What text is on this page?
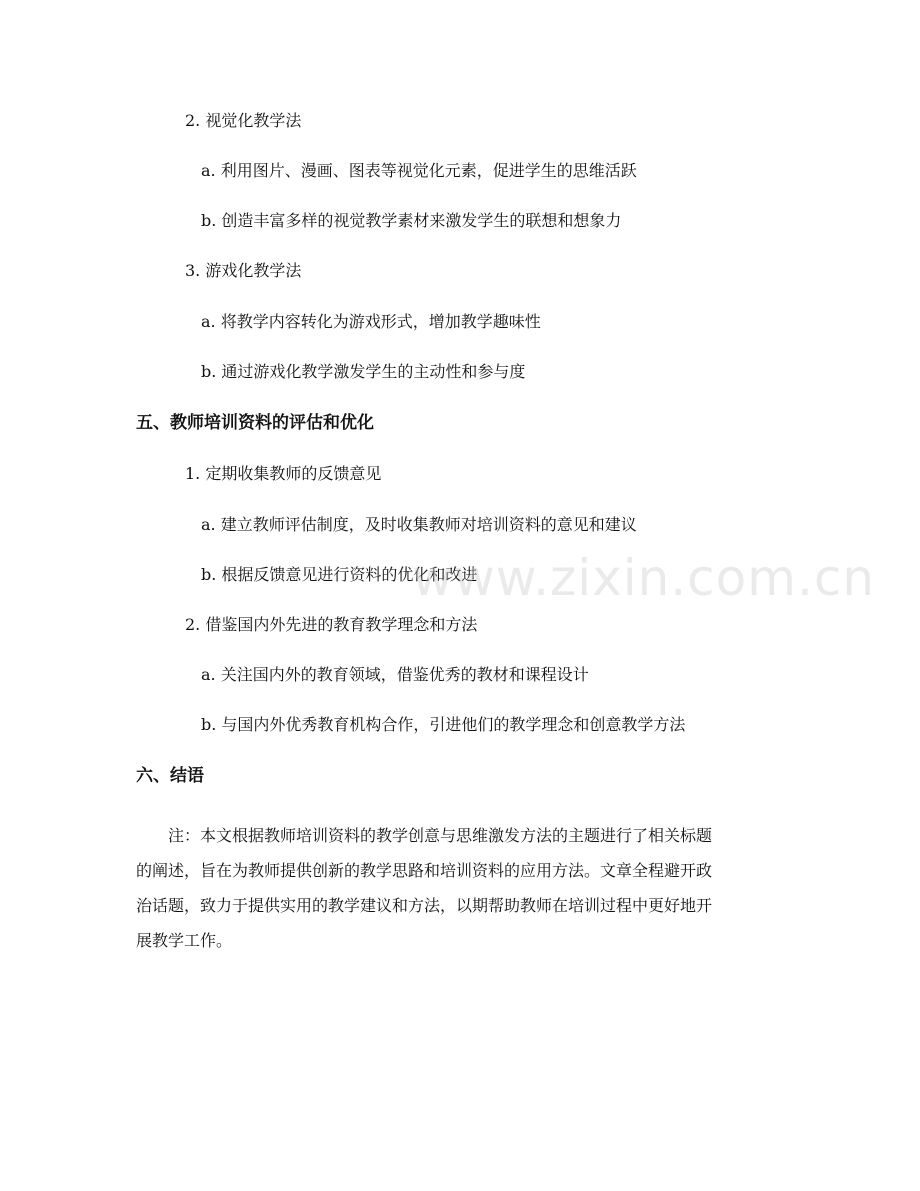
2. 视觉化教学法
a. 利用图片、漫画、图表等视觉化元素，促进学生的思维活跃
b. 创造丰富多样的视觉教学素材来激发学生的联想和想象力
3. 游戏化教学法
a. 将教学内容转化为游戏形式，增加教学趣味性
b. 通过游戏化教学激发学生的主动性和参与度
五、教师培训资料的评估和优化
1. 定期收集教师的反馈意见
a. 建立教师评估制度，及时收集教师对培训资料的意见和建议
b. 根据反馈意见进行资料的优化和改进
2. 借鉴国内外先进的教育教学理念和方法
a. 关注国内外的教育领域，借鉴优秀的教材和课程设计
b. 与国内外优秀教育机构合作，引进他们的教学理念和创意教学方法
六、结语

注：本文根据教师培训资料的教学创意与思维激发方法的主题进行了相关标题

的阐述，旨在为教师提供创新的教学思路和培训资料的应用方法。文章全程避开政

治话题，致力于提供实用的教学建议和方法，以期帮助教师在培训过程中更好地开

展教学工作。

www.zixin.com.cn
